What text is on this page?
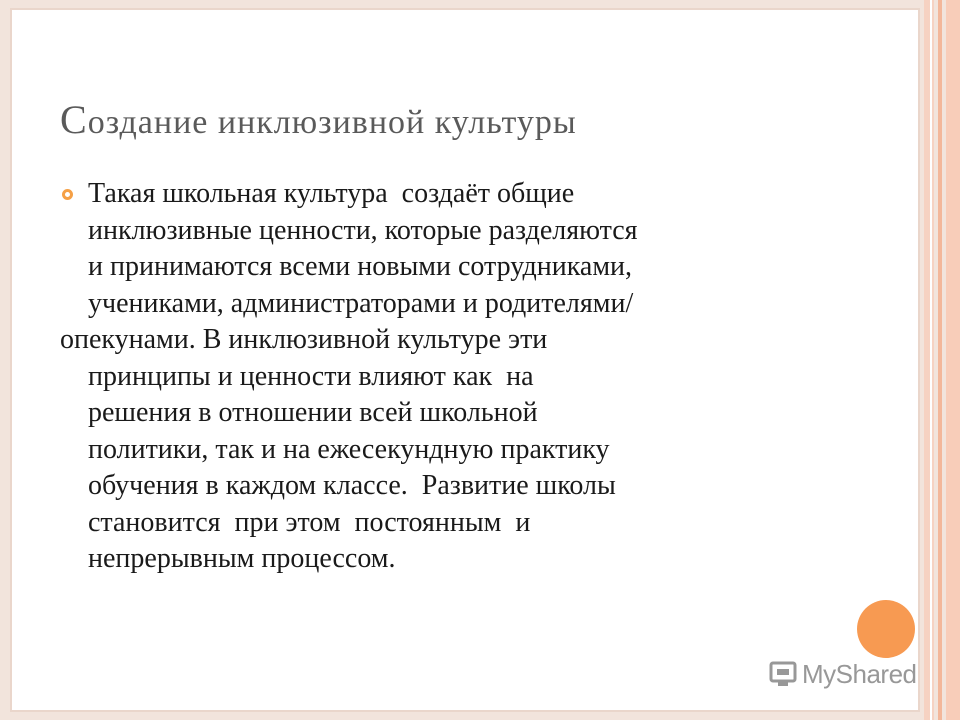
Создание инклюзивной культуры
Такая школьная культура  создаёт общие
инклюзивные ценности, которые разделяются
и принимаются всеми новыми сотрудниками,
учениками, администраторами и родителями/
опекунами. В инклюзивной культуре эти
принципы и ценности влияют как  на
решения в отношении всей школьной
политики, так и на ежесекундную практику
обучения в каждом классе.  Развитие школы
становится  при этом  постоянным  и
непрерывным процессом.
MyShared
